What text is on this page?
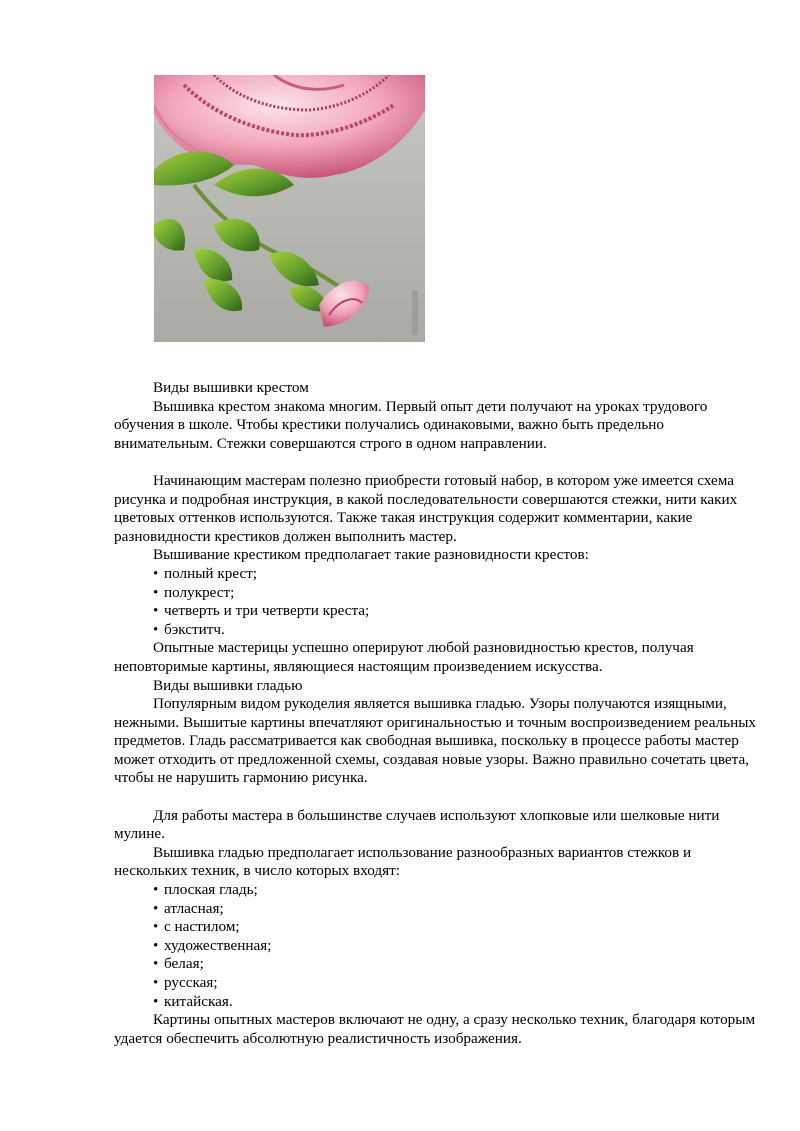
Виды вышивки крестом

Вышивка крестом знакома многим. Первый опыт дети получают на уроках трудового обучения в школе. Чтобы крестики получались одинаковыми, важно быть предельно внимательным. Стежки совершаются строго в одном направлении.

Начинающим мастерам полезно приобрести готовый набор, в котором уже имеется схема рисунка и подробная инструкция, в какой последовательности совершаются стежки, нити каких цветовых оттенков используются. Также такая инструкция содержит комментарии, какие разновидности крестиков должен выполнить мастер.

Вышивание крестиком предполагает такие разновидности крестов:

• полный крест;
• полукрест;
• четверть и три четверти креста;
• бэкститч.

Опытные мастерицы успешно оперируют любой разновидностью крестов, получая неповторимые картины, являющиеся настоящим произведением искусства.

Виды вышивки гладью

Популярным видом рукоделия является вышивка гладью. Узоры получаются изящными, нежными. Вышитые картины впечатляют оригинальностью и точным воспроизведением реальных предметов. Гладь рассматривается как свободная вышивка, поскольку в процессе работы мастер может отходить от предложенной схемы, создавая новые узоры. Важно правильно сочетать цвета, чтобы не нарушить гармонию рисунка.

Для работы мастера в большинстве случаев используют хлопковые или шелковые нити мулине.

Вышивка гладью предполагает использование разнообразных вариантов стежков и нескольких техник, в число которых входят:

• плоская гладь;
• атласная;
• с настилом;
• художественная;
• белая;
• русская;
• китайская.

Картины опытных мастеров включают не одну, а сразу несколько техник, благодаря которым удается обеспечить абсолютную реалистичность изображения.
